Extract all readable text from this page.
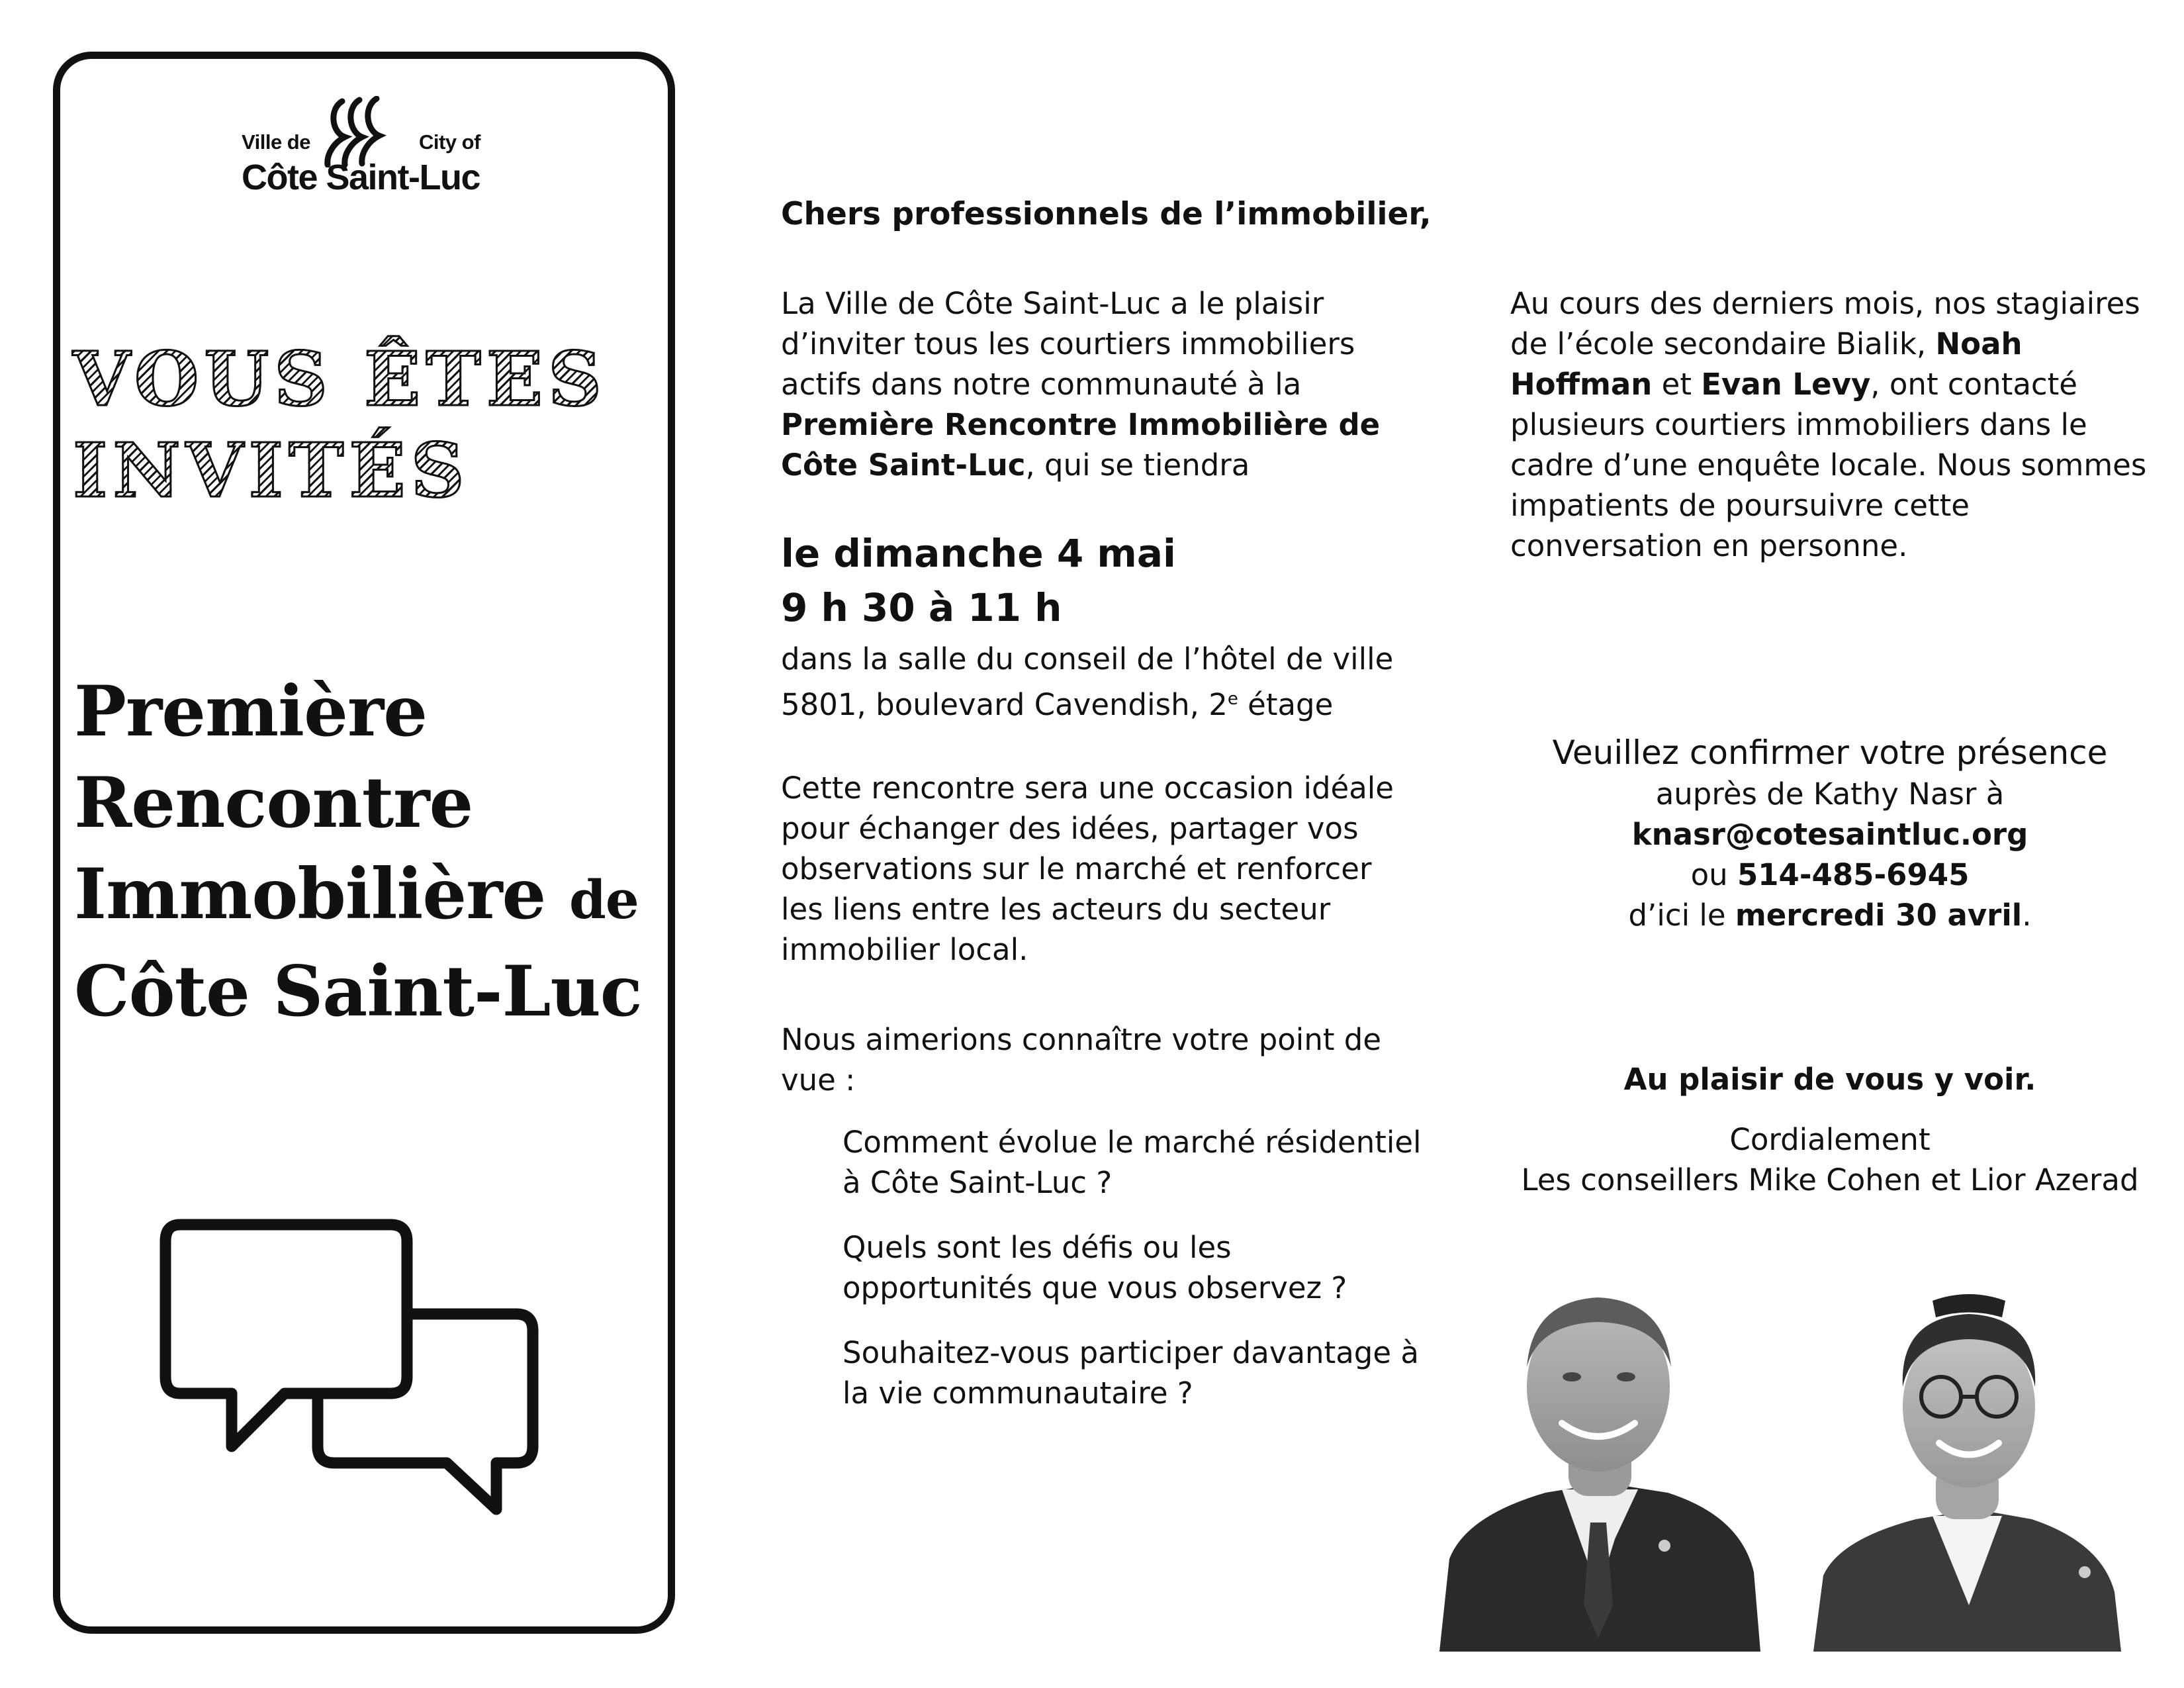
Ville de	City of
Côte Saint-Luc
VOUS ÊTES
INVITÉS
Première
Rencontre
Immobilière de
Côte Saint-Luc
Chers professionnels de l’immobilier,

La Ville de Côte Saint-Luc a le plaisir d’inviter tous les courtiers immobiliers actifs dans notre communauté à la Première Rencontre Immobilière de Côte Saint-Luc, qui se tiendra

le dimanche 4 mai
9 h 30 à 11 h
dans la salle du conseil de l’hôtel de ville
5801, boulevard Cavendish, 2e étage
Cette rencontre sera une occasion idéale pour échanger des idées, partager vos observations sur le marché et renforcer les liens entre les acteurs du secteur immobilier local.
Nous aimerions connaître votre point de vue :
Comment évolue le marché résidentiel à Côte Saint-Luc ?
Quels sont les défis ou les opportunités que vous observez ?
Souhaitez-vous participer davantage à la vie communautaire ?

Au cours des derniers mois, nos stagiaires de l’école secondaire Bialik, Noah Hoffman et Evan Levy, ont contacté plusieurs courtiers immobiliers dans le cadre d’une enquête locale. Nous sommes impatients de poursuivre cette conversation en personne.

Veuillez confirmer votre présence
auprès de Kathy Nasr à
knasr@cotesaintluc.org
ou 514-485-6945
d’ici le mercredi 30 avril.
Au plaisir de vous y voir.
Cordialement
Les conseillers Mike Cohen et Lior Azerad
